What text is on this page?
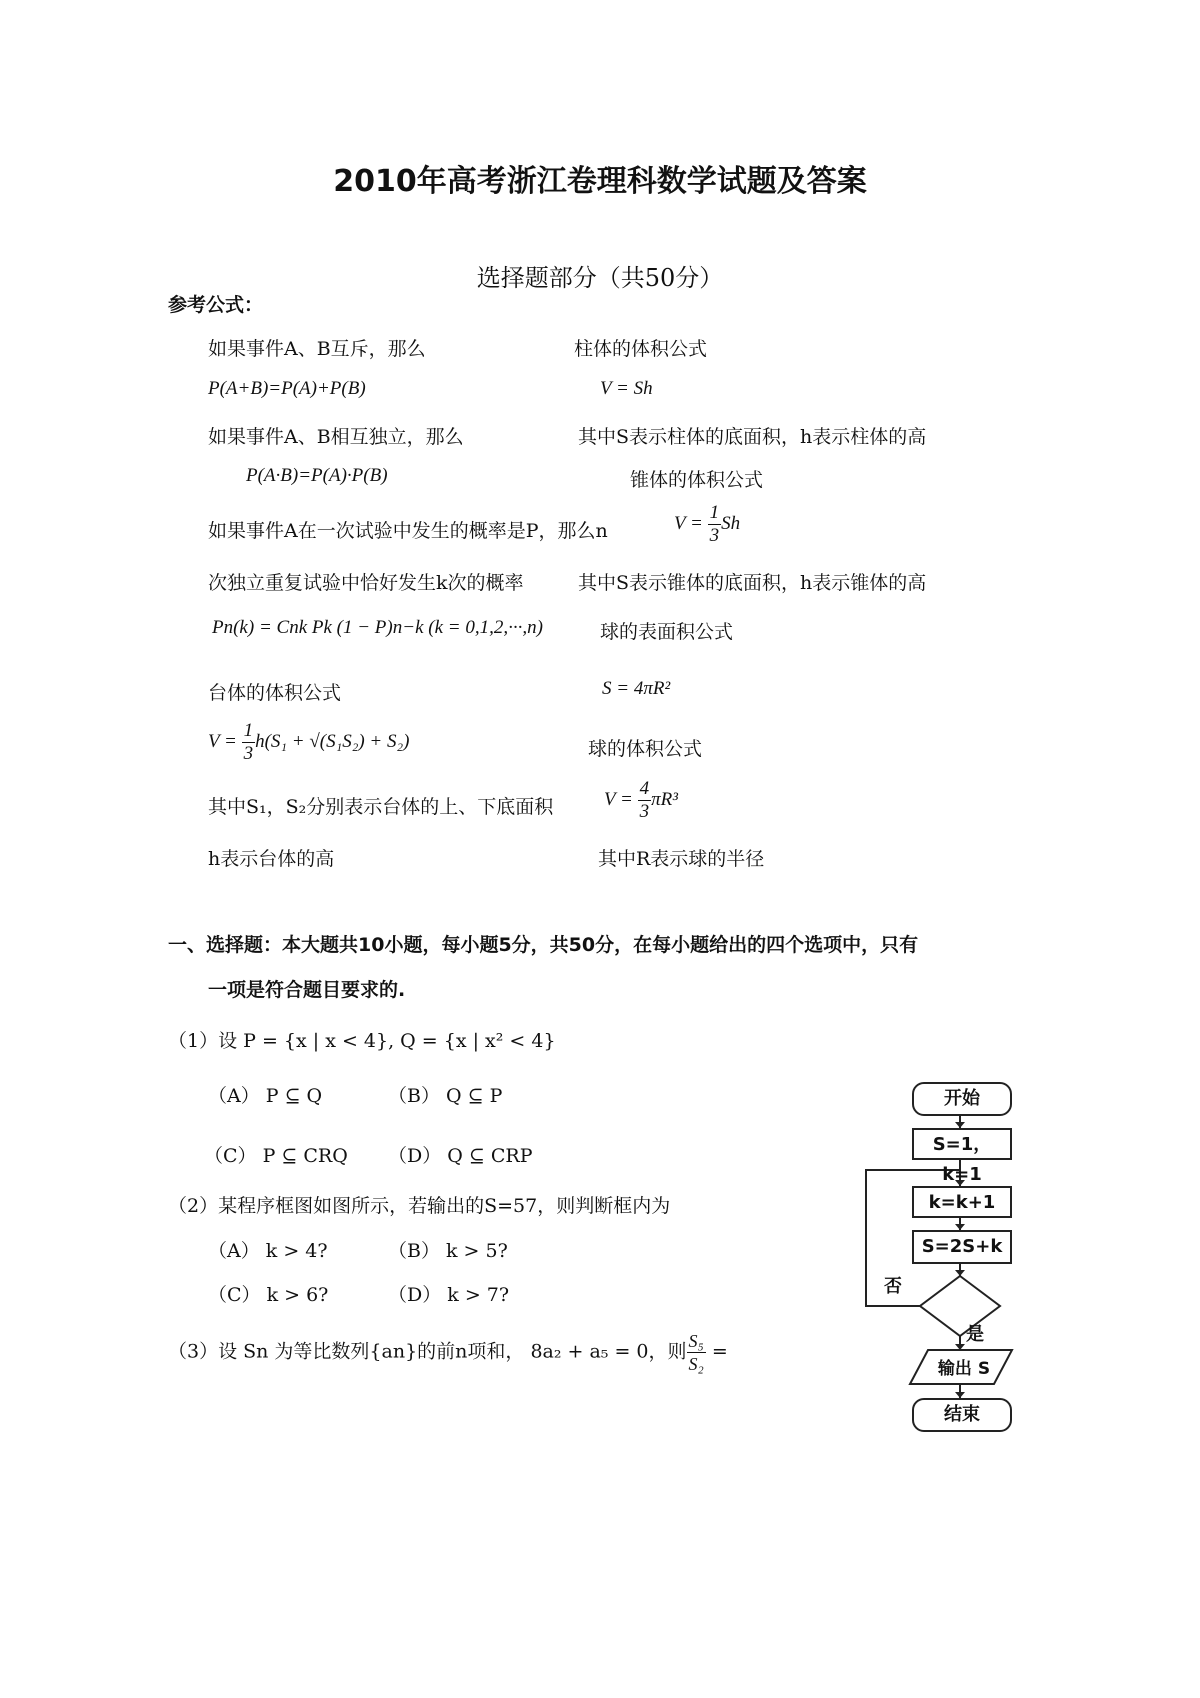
2010年高考浙江卷理科数学试题及答案
选择题部分（共50分）
参考公式：
如果事件A、B互斥，那么
P(A+B)=P(A)+P(B)
如果事件A、B相互独立，那么
P(A·B)=P(A)·P(B)
如果事件A在一次试验中发生的概率是P，那么n
次独立重复试验中恰好发生k次的概率
Pn(k) = Cnk Pk (1 − P)n−k (k = 0,1,2,···,n)
台体的体积公式
$V = \frac{1}{3} h(S_1 + √(S_1S_2) + S_2)$
其中S₁，S₂分别表示台体的上、下底面积
h表示台体的高
柱体的体积公式
V = Sh
其中S表示柱体的底面积，h表示柱体的高
锥体的体积公式
$V = \frac{1}{3}$ Sh
其中S表示锥体的底面积，h表示锥体的高
球的表面积公式
S = 4πR²
球的体积公式
$V = \frac{4}{3} \pi R^3$
其中R表示球的半径
一、选择题：本大题共10小题，每小题5分，共50分，在每小题给出的四个选项中，只有
一项是符合题目要求的.
（1）设 P = {x | x < 4}, Q = {x | x² < 4}
（A） P ⊆ Q	（B） Q ⊆ P
（C） P ⊆ CRQ （D） Q ⊆ CRP
（2）某程序框图如图所示，若输出的S=57，则判断框内为
（A） k > 4?	（B） k > 5?
（C） k > 6?	（D） k > 7?
（3）设 Sn 为等比数列{an}的前n项和， 8a₂ + a₅ = 0，则 $\frac{\text{S₅}}{\text{S₂}}$ =
开始
S=1，k=1
k=k+1
S=2S+k
否
是
输出 S
结束
